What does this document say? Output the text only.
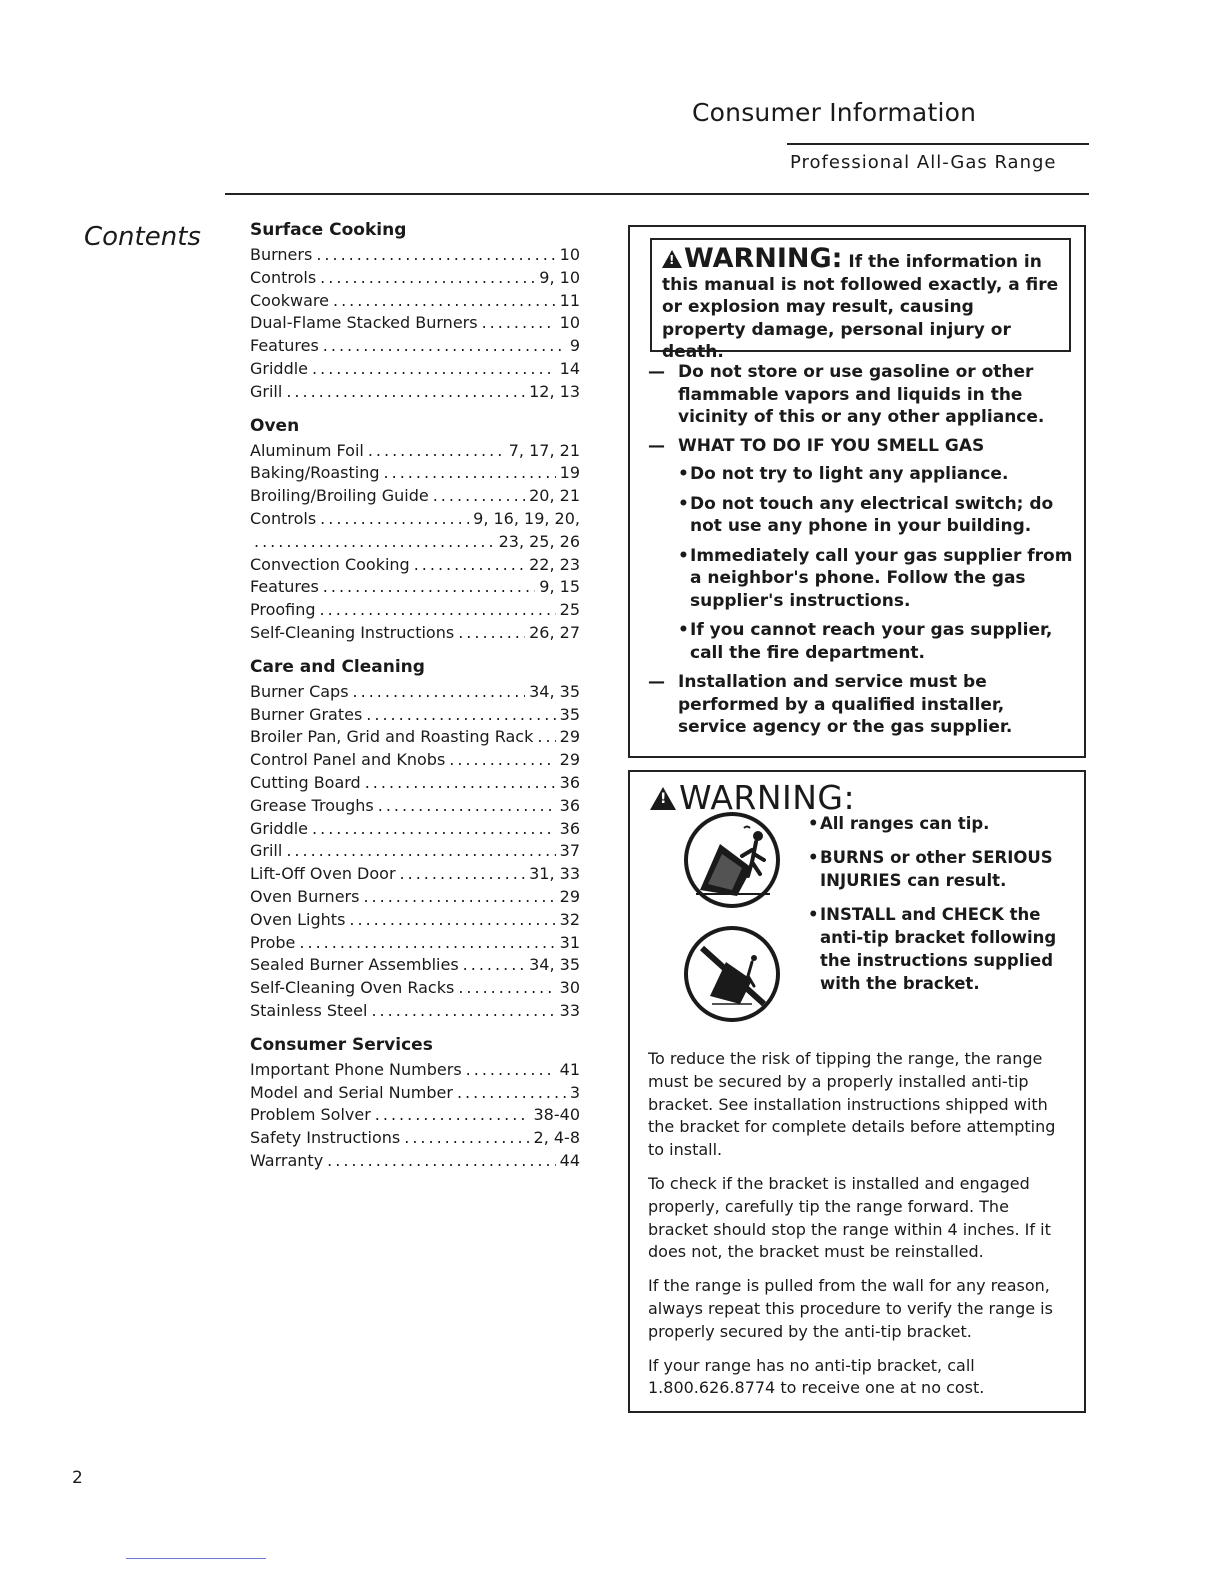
Consumer Information
Professional All-Gas Range
Contents	Surface Cooking
Burners .....	10
Controls .....	9, 10
Cookware .....	11
Dual-Flame Stacked Burners .....	10
Features .....	9
Griddle .....	14
Grill .....	12, 13
Oven
Aluminum Foil .....	7, 17, 21
Baking/Roasting .....	19
Broiling/Broiling Guide .....	20, 21
Controls .....	9, 16, 19, 20,
.....
23, 25, 26
Convection Cooking .....	22, 23
Features .....	9, 15
Proofing .....	25
Self-Cleaning Instructions .....	26, 27
Care and Cleaning
Burner Caps .....	34, 35
Burner Grates .....	35
Broiler Pan, Grid and Roasting Rack ..... 29
Control Panel and Knobs .....	29
Cutting Board .....	36
Grease Troughs .....	36
Griddle .....	36
Grill .....	37
Lift-Off Oven Door .....	31, 33
Oven Burners .....	29
Oven Lights .....	32
Probe .....	31
Sealed Burner Assemblies .....	34, 35
Self-Cleaning Oven Racks .....	30
Stainless Steel .....	33
Consumer Services
Important Phone Numbers .....	41
Model and Serial Number .....	3
Problem Solver .....	38-40
Safety Instructions .....	2, 4-8
Warranty .....	44
!WARNING: If the information in this manual is not followed exactly, a fire or explosion may result, causing property damage, personal injury or death.
— Do not store or use gasoline or other flammable vapors and liquids in the vicinity of this or any other appliance.
— WHAT TO DO IF YOU SMELL GAS
• Do not try to light any appliance.
• Do not touch any electrical switch; do not use any phone in your building.
• Immediately call your gas supplier from a neighbor's phone. Follow the gas supplier's instructions.
• If you cannot reach your gas supplier, call the fire department.
— Installation and service must be performed by a qualified installer, service agency or the gas supplier.
!WARNING:
• All ranges can tip.
• BURNS or other SERIOUS INJURIES can result.
• INSTALL and CHECK the anti-tip bracket following the instructions supplied with the bracket.

To reduce the risk of tipping the range, the range must be secured by a properly installed anti-tip bracket. See installation instructions shipped with the bracket for complete details before attempting to install.

To check if the bracket is installed and engaged properly, carefully tip the range forward. The bracket should stop the range within 4 inches. If it does not, the bracket must be reinstalled.

If the range is pulled from the wall for any reason, always repeat this procedure to verify the range is properly secured by the anti-tip bracket.

If your range has no anti-tip bracket, call 1.800.626.8774 to receive one at no cost.

2
